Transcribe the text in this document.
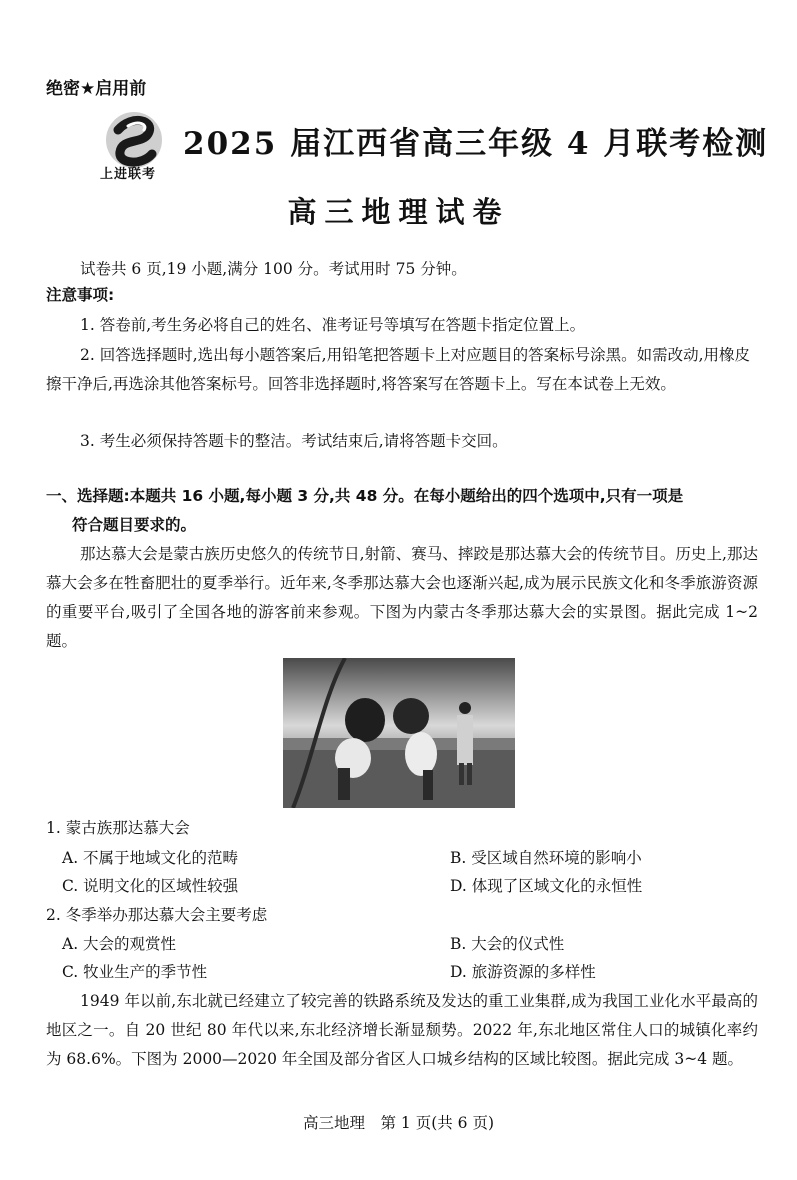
绝密★启用前
上进联考
2025 届江西省高三年级 4 月联考检测
高三地理试卷
试卷共 6 页,19 小题,满分 100 分。考试用时 75 分钟。
注意事项:
1. 答卷前,考生务必将自己的姓名、准考证号等填写在答题卡指定位置上。
2. 回答选择题时,选出每小题答案后,用铅笔把答题卡上对应题目的答案标号涂黑。如需改动,用橡皮擦干净后,再选涂其他答案标号。回答非选择题时,将答案写在答题卡上。写在本试卷上无效。
3. 考生必须保持答题卡的整洁。考试结束后,请将答题卡交回。
一、选择题:本题共 16 小题,每小题 3 分,共 48 分。在每小题给出的四个选项中,只有一项是
符合题目要求的。
那达慕大会是蒙古族历史悠久的传统节日,射箭、赛马、摔跤是那达慕大会的传统节目。历史上,那达慕大会多在牲畜肥壮的夏季举行。近年来,冬季那达慕大会也逐渐兴起,成为展示民族文化和冬季旅游资源的重要平台,吸引了全国各地的游客前来参观。下图为内蒙古冬季那达慕大会的实景图。据此完成 1~2 题。
1. 蒙古族那达慕大会
A. 不属于地域文化的范畴	B. 受区域自然环境的影响小
C. 说明文化的区域性较强	D. 体现了区域文化的永恒性
2. 冬季举办那达慕大会主要考虑
A. 大会的观赏性	B. 大会的仪式性
C. 牧业生产的季节性	D. 旅游资源的多样性
1949 年以前,东北就已经建立了较完善的铁路系统及发达的重工业集群,成为我国工业化水平最高的地区之一。自 20 世纪 80 年代以来,东北经济增长渐显颓势。2022 年,东北地区常住人口的城镇化率约为 68.6%。下图为 2000—2020 年全国及部分省区人口城乡结构的区域比较图。据此完成 3~4 题。
高三地理　第 1 页(共 6 页)
